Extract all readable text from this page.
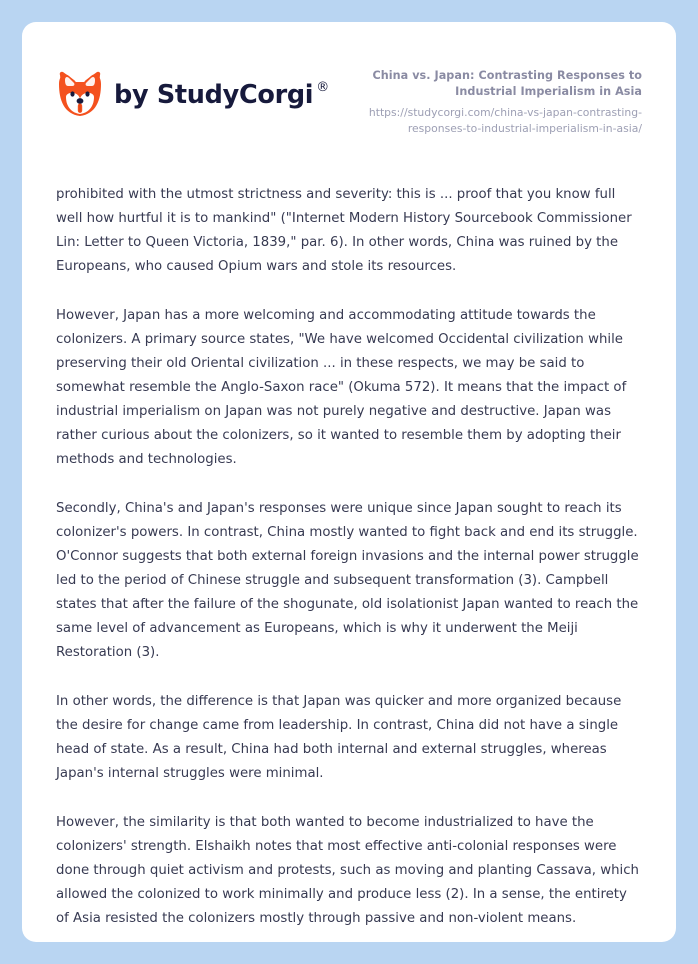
by StudyCorgi ®

China vs. Japan: Contrasting Responses to Industrial Imperialism in Asia

https://studycorgi.com/china-vs-japan-contrasting-responses-to-industrial-imperialism-in-asia/

prohibited with the utmost strictness and severity: this is ... proof that you know full well how hurtful it is to mankind" ("Internet Modern History Sourcebook Commissioner Lin: Letter to Queen Victoria, 1839," par. 6). In other words, China was ruined by the Europeans, who caused Opium wars and stole its resources.

However, Japan has a more welcoming and accommodating attitude towards the colonizers. A primary source states, "We have welcomed Occidental civilization while preserving their old Oriental civilization ... in these respects, we may be said to somewhat resemble the Anglo-Saxon race" (Okuma 572). It means that the impact of industrial imperialism on Japan was not purely negative and destructive. Japan was rather curious about the colonizers, so it wanted to resemble them by adopting their methods and technologies.

Secondly, China's and Japan's responses were unique since Japan sought to reach its colonizer's powers. In contrast, China mostly wanted to fight back and end its struggle. O'Connor suggests that both external foreign invasions and the internal power struggle led to the period of Chinese struggle and subsequent transformation (3). Campbell states that after the failure of the shogunate, old isolationist Japan wanted to reach the same level of advancement as Europeans, which is why it underwent the Meiji Restoration (3).

In other words, the difference is that Japan was quicker and more organized because the desire for change came from leadership. In contrast, China did not have a single head of state. As a result, China had both internal and external struggles, whereas Japan's internal struggles were minimal.

However, the similarity is that both wanted to become industrialized to have the colonizers' strength. Elshaikh notes that most effective anti-colonial responses were done through quiet activism and protests, such as moving and planting Cassava, which allowed the colonized to work minimally and produce less (2). In a sense, the entirety of Asia resisted the colonizers mostly through passive and non-violent means.
